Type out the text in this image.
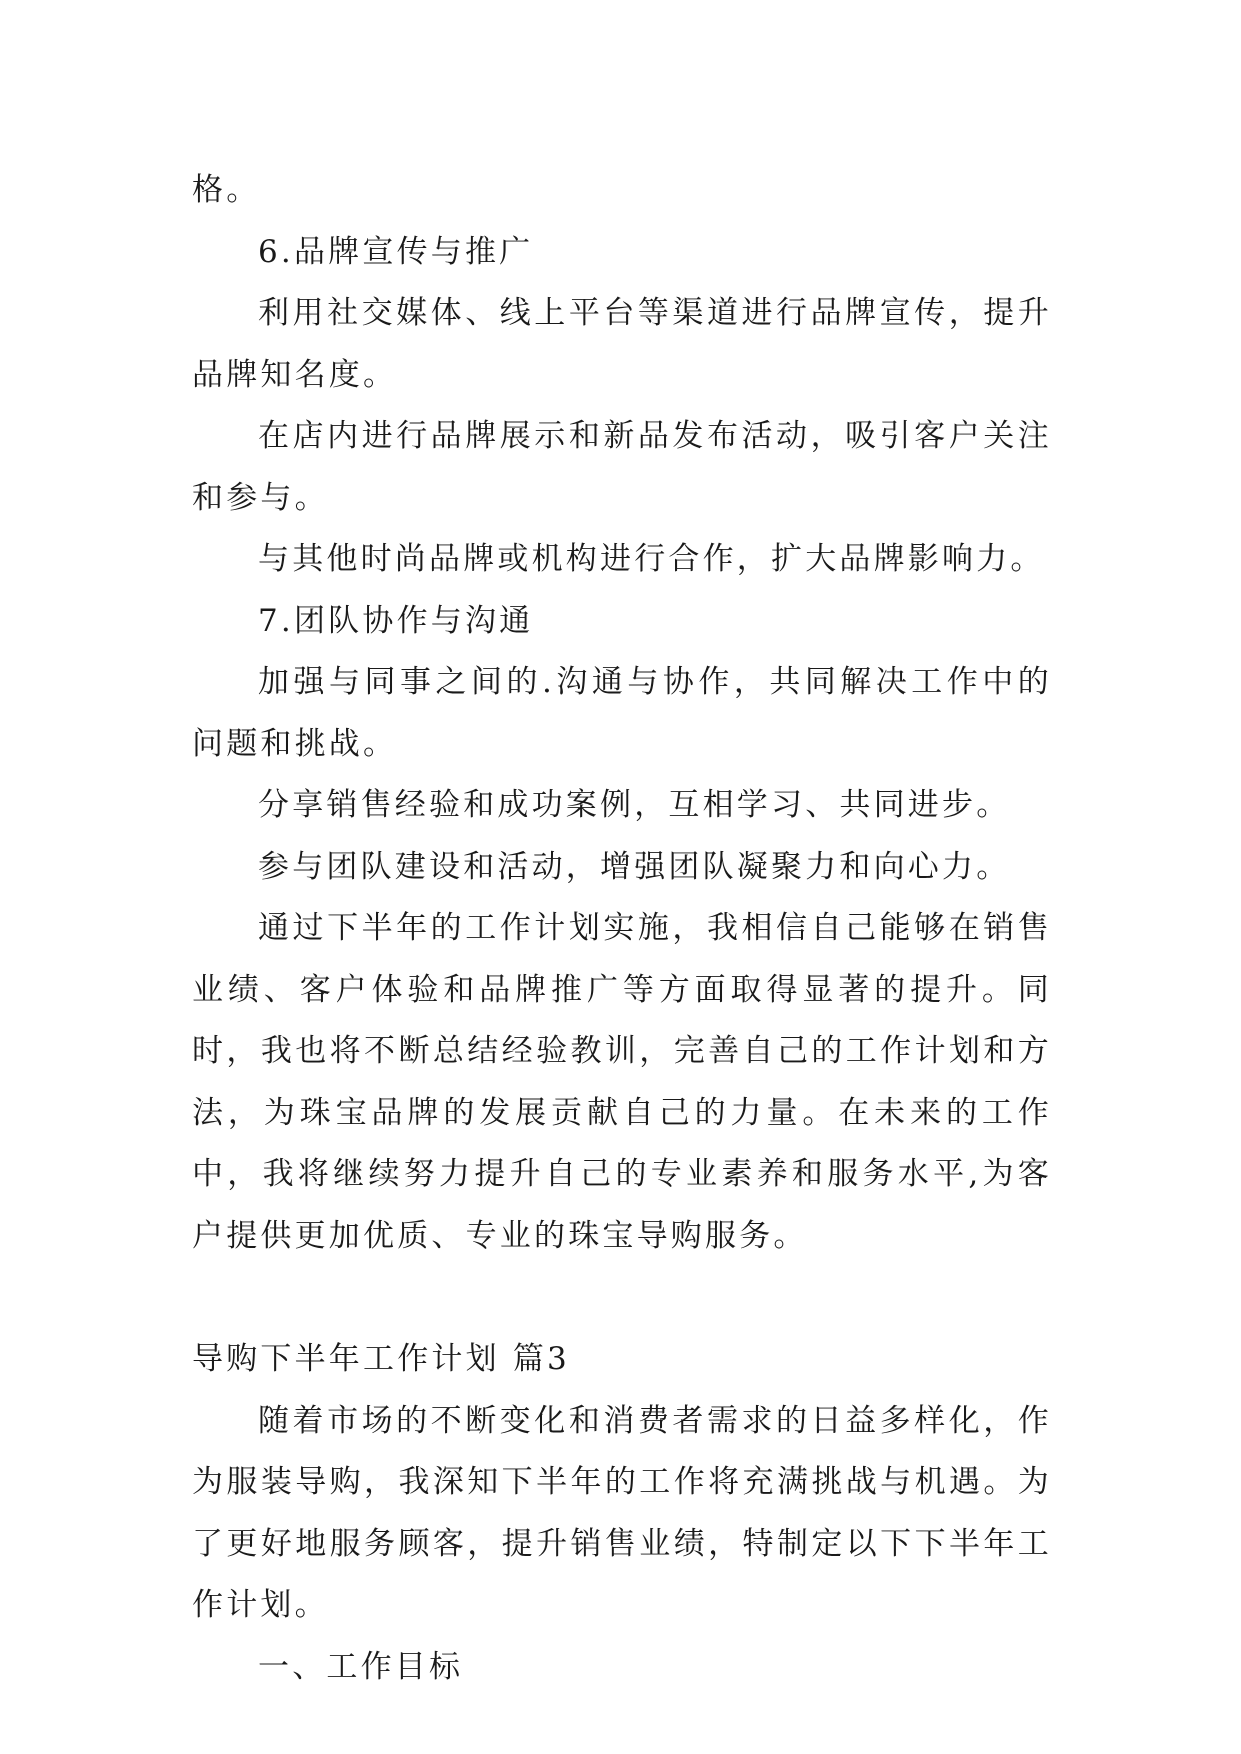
格。

6.品牌宣传与推广

利用社交媒体、线上平台等渠道进行品牌宣传，提升品牌知名度。

在店内进行品牌展示和新品发布活动，吸引客户关注和参与。

与其他时尚品牌或机构进行合作，扩大品牌影响力。

7.团队协作与沟通

加强与同事之间的.沟通与协作，共同解决工作中的问题和挑战。

分享销售经验和成功案例，互相学习、共同进步。

参与团队建设和活动，增强团队凝聚力和向心力。

通过下半年的工作计划实施，我相信自己能够在销售业绩、客户体验和品牌推广等方面取得显著的提升。同时，我也将不断总结经验教训，完善自己的工作计划和方法，为珠宝品牌的发展贡献自己的力量。在未来的工作中，我将继续努力提升自己的专业素养和服务水平,为客户提供更加优质、专业的珠宝导购服务。

导购下半年工作计划 篇3

随着市场的不断变化和消费者需求的日益多样化，作为服装导购，我深知下半年的工作将充满挑战与机遇。为了更好地服务顾客，提升销售业绩，特制定以下下半年工作计划。

一、工作目标
